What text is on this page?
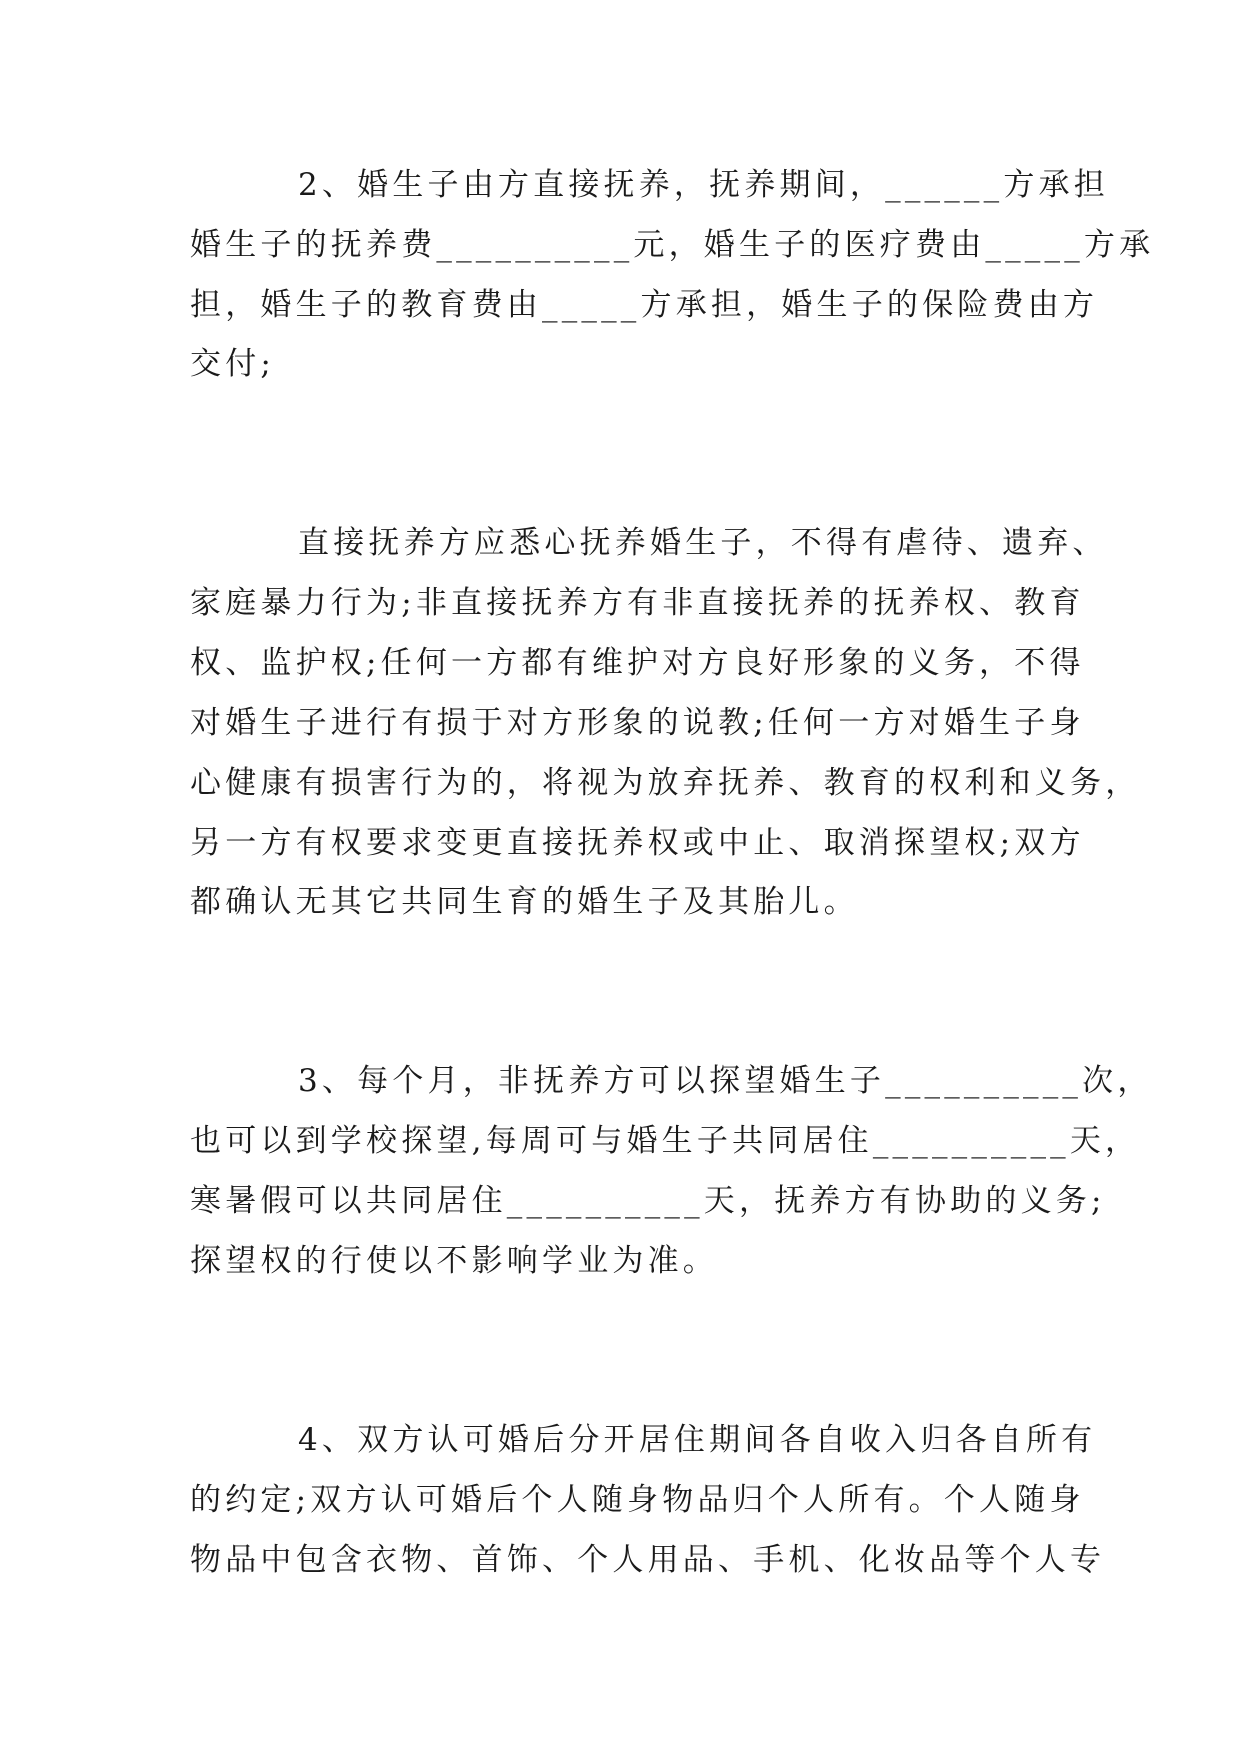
2、婚生子由方直接抚养，抚养期间，______方承担
婚生子的抚养费__________元，婚生子的医疗费由_____方承
担，婚生子的教育费由_____方承担，婚生子的保险费由方
交付;
直接抚养方应悉心抚养婚生子，不得有虐待、遗弃、
家庭暴力行为;非直接抚养方有非直接抚养的抚养权、教育
权、监护权;任何一方都有维护对方良好形象的义务，不得
对婚生子进行有损于对方形象的说教;任何一方对婚生子身
心健康有损害行为的，将视为放弃抚养、教育的权利和义务，
另一方有权要求变更直接抚养权或中止、取消探望权;双方
都确认无其它共同生育的婚生子及其胎儿。
3、每个月，非抚养方可以探望婚生子__________次，
也可以到学校探望,每周可与婚生子共同居住__________天，
寒暑假可以共同居住__________天，抚养方有协助的义务;
探望权的行使以不影响学业为准。
4、双方认可婚后分开居住期间各自收入归各自所有
的约定;双方认可婚后个人随身物品归个人所有。个人随身
物品中包含衣物、首饰、个人用品、手机、化妆品等个人专
